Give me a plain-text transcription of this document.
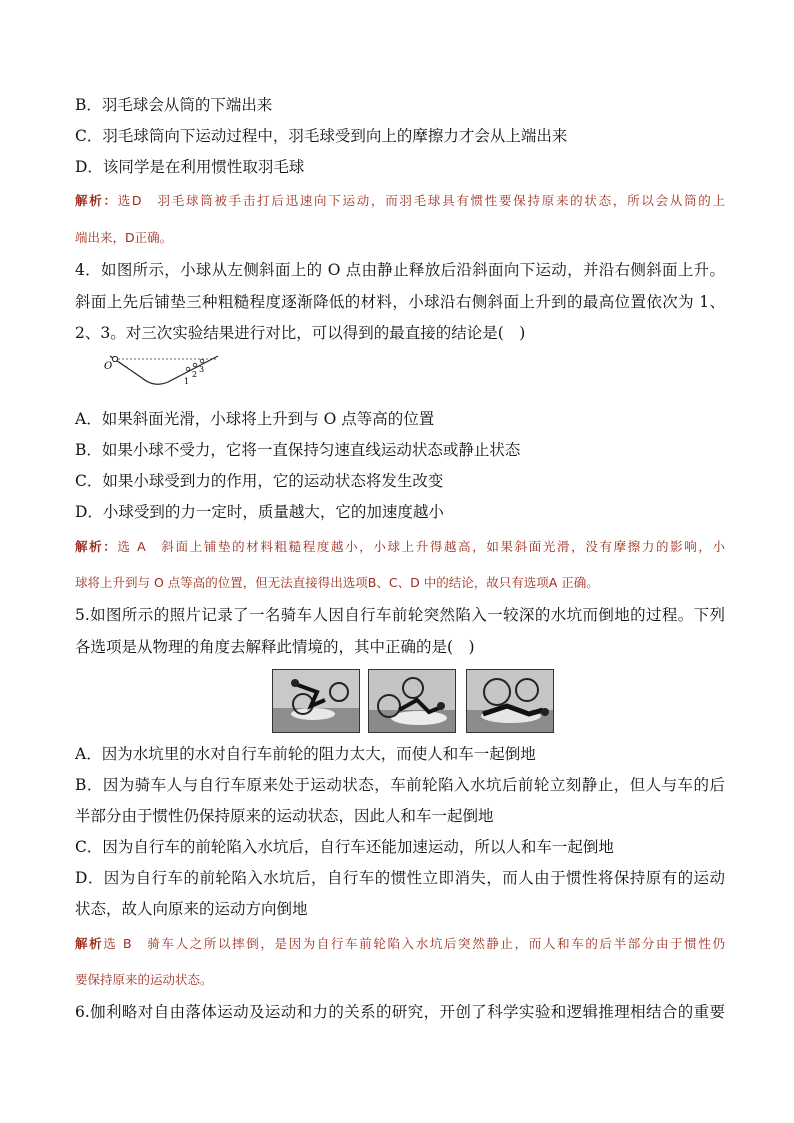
B．羽毛球会从筒的下端出来
C．羽毛球筒向下运动过程中，羽毛球受到向上的摩擦力才会从上端出来
D．该同学是在利用惯性取羽毛球
解析：选D　羽毛球筒被手击打后迅速向下运动，而羽毛球具有惯性要保持原来的状态，所以会从筒的上
端出来，D正确。
4．如图所示，小球从左侧斜面上的 O 点由静止释放后沿斜面向下运动，并沿右侧斜面上升。
斜面上先后铺垫三种粗糙程度逐渐降低的材料，小球沿右侧斜面上升到的最高位置依次为 1、
2、3。对三次实验结果进行对比，可以得到的最直接的结论是(　)
O
1
2
3
A．如果斜面光滑，小球将上升到与 O 点等高的位置
B．如果小球不受力，它将一直保持匀速直线运动状态或静止状态
C．如果小球受到力的作用，它的运动状态将发生改变
D．小球受到的力一定时，质量越大，它的加速度越小
解析：选 A　斜面上铺垫的材料粗糙程度越小，小球上升得越高，如果斜面光滑，没有摩擦力的影响，小
球将上升到与 O 点等高的位置，但无法直接得出选项B、C、D 中的结论，故只有选项A 正确。
5.如图所示的照片记录了一名骑车人因自行车前轮突然陷入一较深的水坑而倒地的过程。下列
各选项是从物理的角度去解释此情境的，其中正确的是(　)
A．因为水坑里的水对自行车前轮的阻力太大，而使人和车一起倒地
B．因为骑车人与自行车原来处于运动状态，车前轮陷入水坑后前轮立刻静止，但人与车的后
半部分由于惯性仍保持原来的运动状态，因此人和车一起倒地
C．因为自行车的前轮陷入水坑后，自行车还能加速运动，所以人和车一起倒地
D．因为自行车的前轮陷入水坑后，自行车的惯性立即消失，而人由于惯性将保持原有的运动
状态，故人向原来的运动方向倒地
解析选 B　骑车人之所以摔倒，是因为自行车前轮陷入水坑后突然静止，而人和车的后半部分由于惯性仍
要保持原来的运动状态。
6.伽利略对自由落体运动及运动和力的关系的研究，开创了科学实验和逻辑推理相结合的重要
